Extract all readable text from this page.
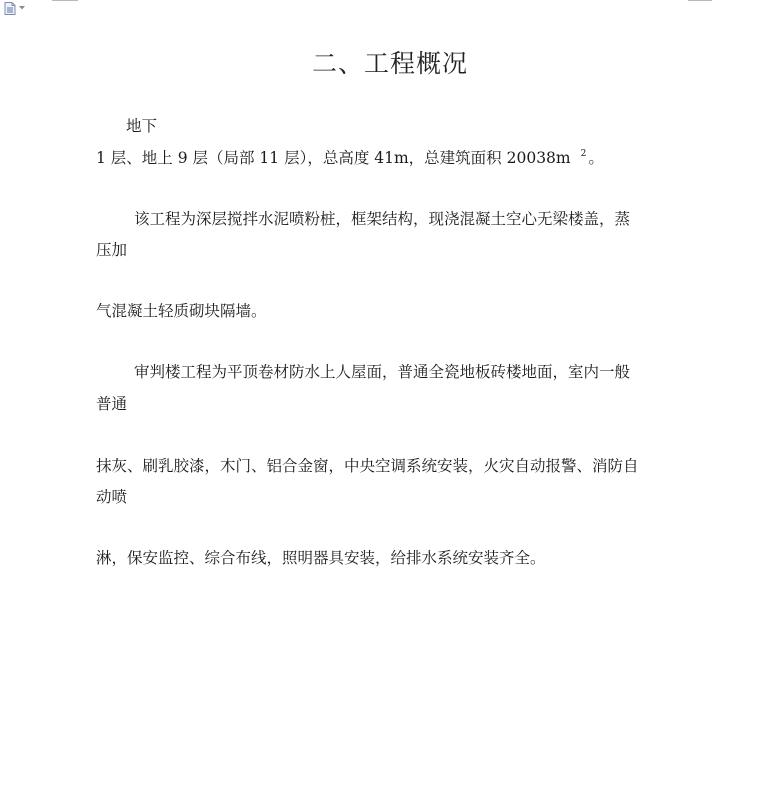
二、工程概况
地下
1 层、地上 9 层（局部 11 层），总高度 41m，总建筑面积 20038m $^2$ 。
该工程为深层搅拌水泥喷粉桩，框架结构，现浇混凝土空心无梁楼盖，蒸
压加
气混凝土轻质砌块隔墙。
审判楼工程为平顶卷材防水上人屋面，普通全瓷地板砖楼地面，室内一般
普通
抹灰、刷乳胶漆，木门、铝合金窗，中央空调系统安装，火灾自动报警、消防自
动喷
淋，保安监控、综合布线，照明器具安装，给排水系统安装齐全。
